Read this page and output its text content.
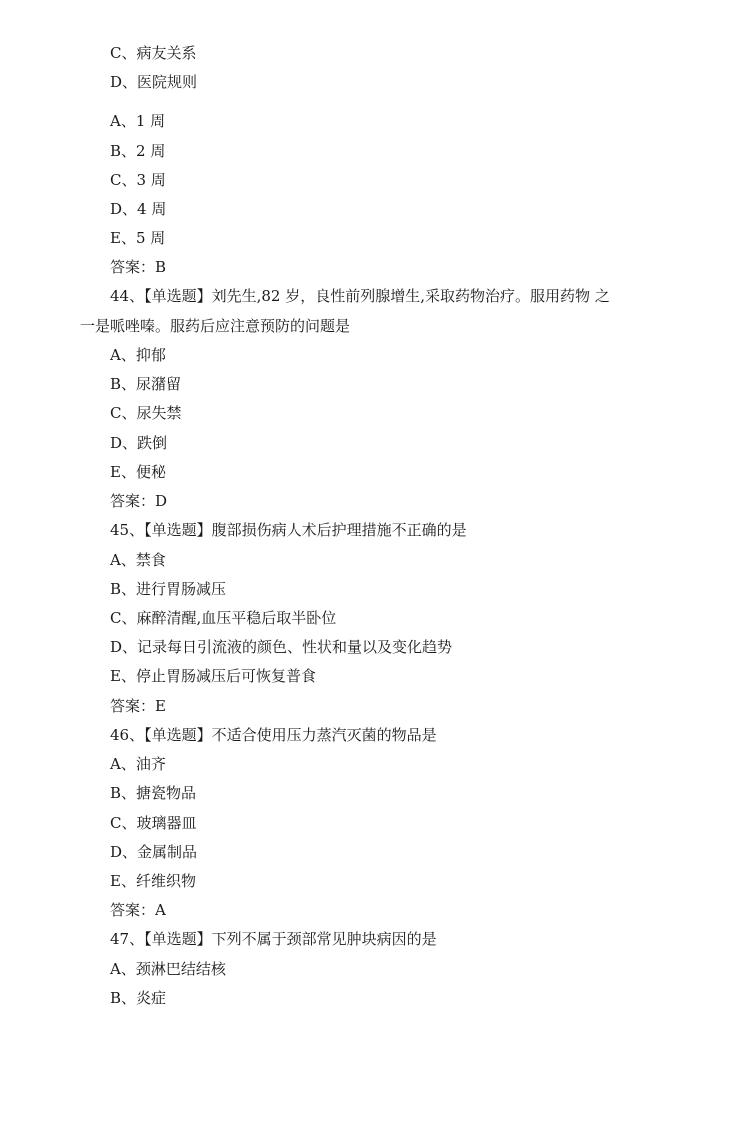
C、病友关系
D、医院规则
A、1 周
B、2 周
C、3 周
D、4 周
E、5 周
答案：B
44、【单选题】刘先生,82 岁，良性前列腺增生,采取药物治疗。服用药物 之
一是哌唑嗪。服药后应注意预防的问题是
A、抑郁
B、尿潴留
C、尿失禁
D、跌倒
E、便秘
答案：D
45、【单选题】腹部损伤病人术后护理措施不正确的是
A、禁食
B、进行胃肠减压
C、麻醉清醒,血压平稳后取半卧位
D、记录每日引流液的颜色、性状和量以及变化趋势
E、停止胃肠减压后可恢复普食
答案：E
46、【单选题】不适合使用压力蒸汽灭菌的物品是
A、油齐
B、搪瓷物品
C、玻璃器皿
D、金属制品
E、纤维织物
答案：A
47、【单选题】下列不属于颈部常见肿块病因的是
A、颈淋巴结结核
B、炎症
